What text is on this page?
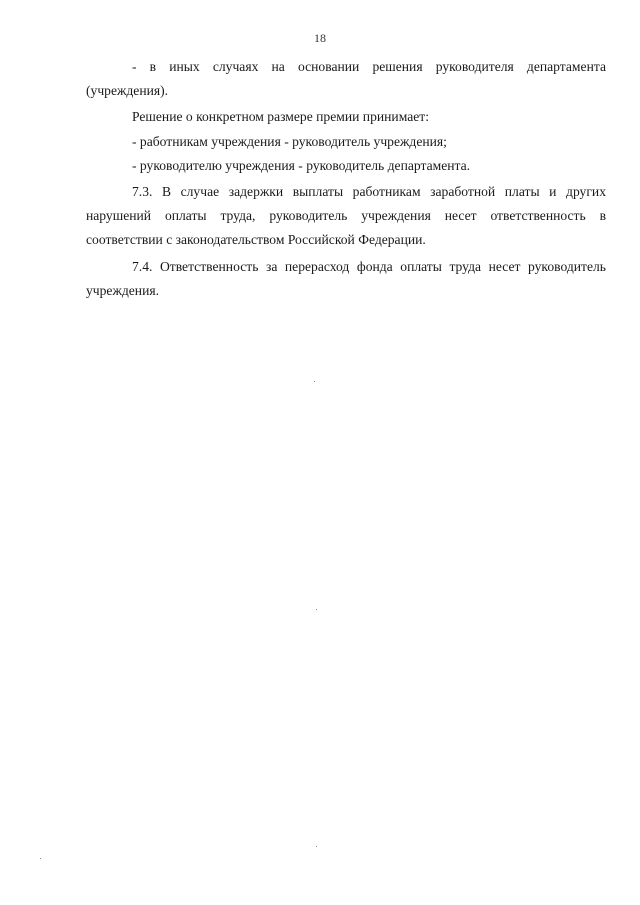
18

- в иных случаях на основании решения руководителя департамента (учреждения).

Решение о конкретном размере премии принимает:

- работникам учреждения - руководитель учреждения;

- руководителю учреждения - руководитель департамента.

7.3. В случае задержки выплаты работникам заработной платы и других нарушений оплаты труда, руководитель учреждения несет ответственность в соответствии с законодательством Российской Федерации.

7.4. Ответственность за перерасход фонда оплаты труда несет руководитель учреждения.
